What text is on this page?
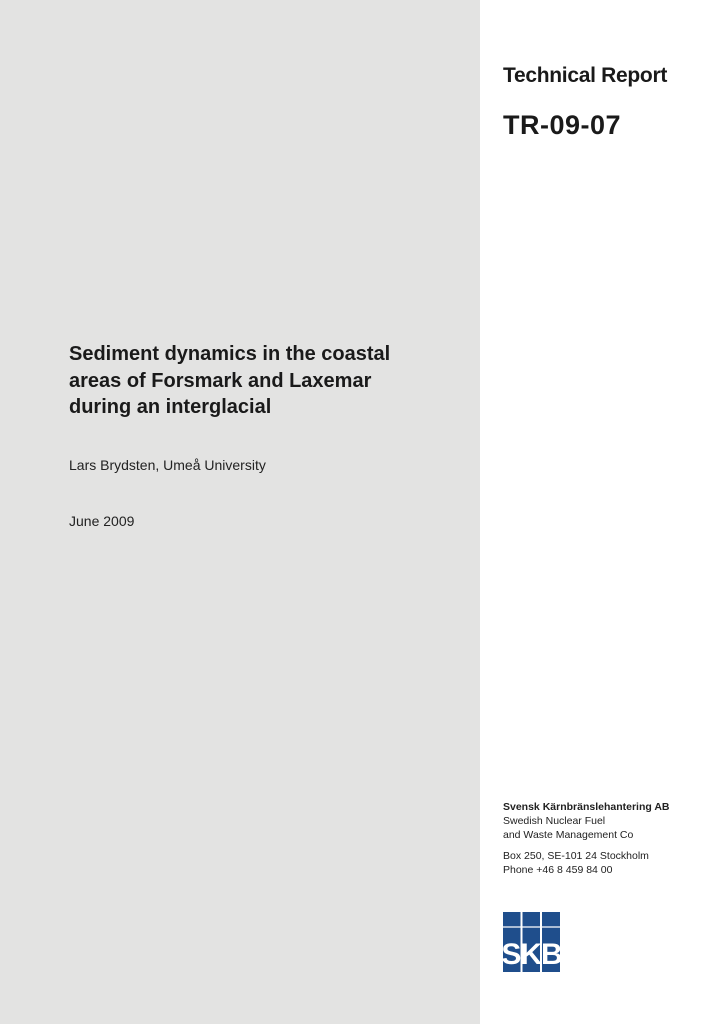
Technical Report
TR-09-07
Sediment dynamics in the coastal
areas of Forsmark and Laxemar
during an interglacial
Lars Brydsten, Umeå University
June 2009
Svensk Kärnbränslehantering AB
Swedish Nuclear Fuel
and Waste Management Co
Box 250, SE-101 24 Stockholm
Phone +46 8 459 84 00
SKB
